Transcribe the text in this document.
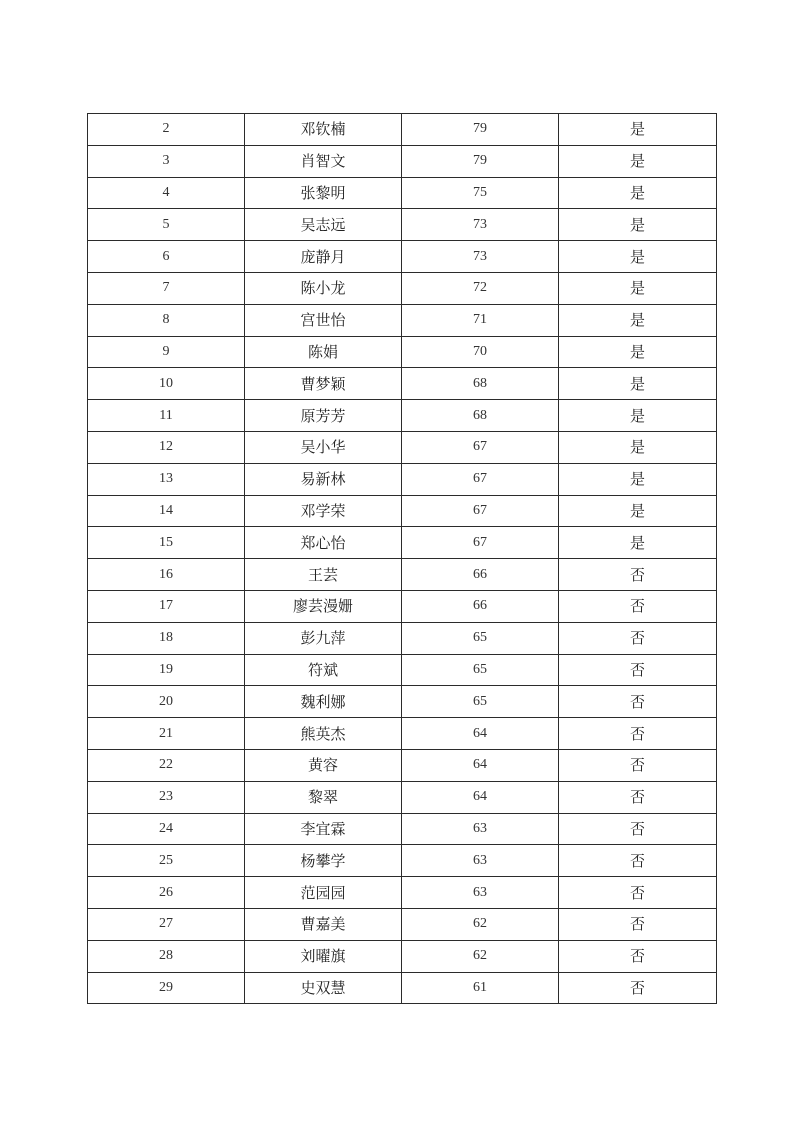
2	邓钦楠	79	是
3	肖智文	79	是
4	张黎明	75	是
5	吴志远	73	是
6	庞静月	73	是
7	陈小龙	72	是
8	宫世怡	71	是
9	陈娟	70	是
10	曹梦颖	68	是
11	原芳芳	68	是
12	吴小华	67	是
13	易新林	67	是
14	邓学荣	67	是
15	郑心怡	67	是
16	王芸	66	否
17	廖芸漫姗	66	否
18	彭九萍	65	否
19	符斌	65	否
20	魏利娜	65	否
21	熊英杰	64	否
22	黄容	64	否
23	黎翠	64	否
24	李宜霖	63	否
25	杨攀学	63	否
26	范园园	63	否
27	曹嘉美	62	否
28	刘曜旗	62	否
29	史双慧	61	否
